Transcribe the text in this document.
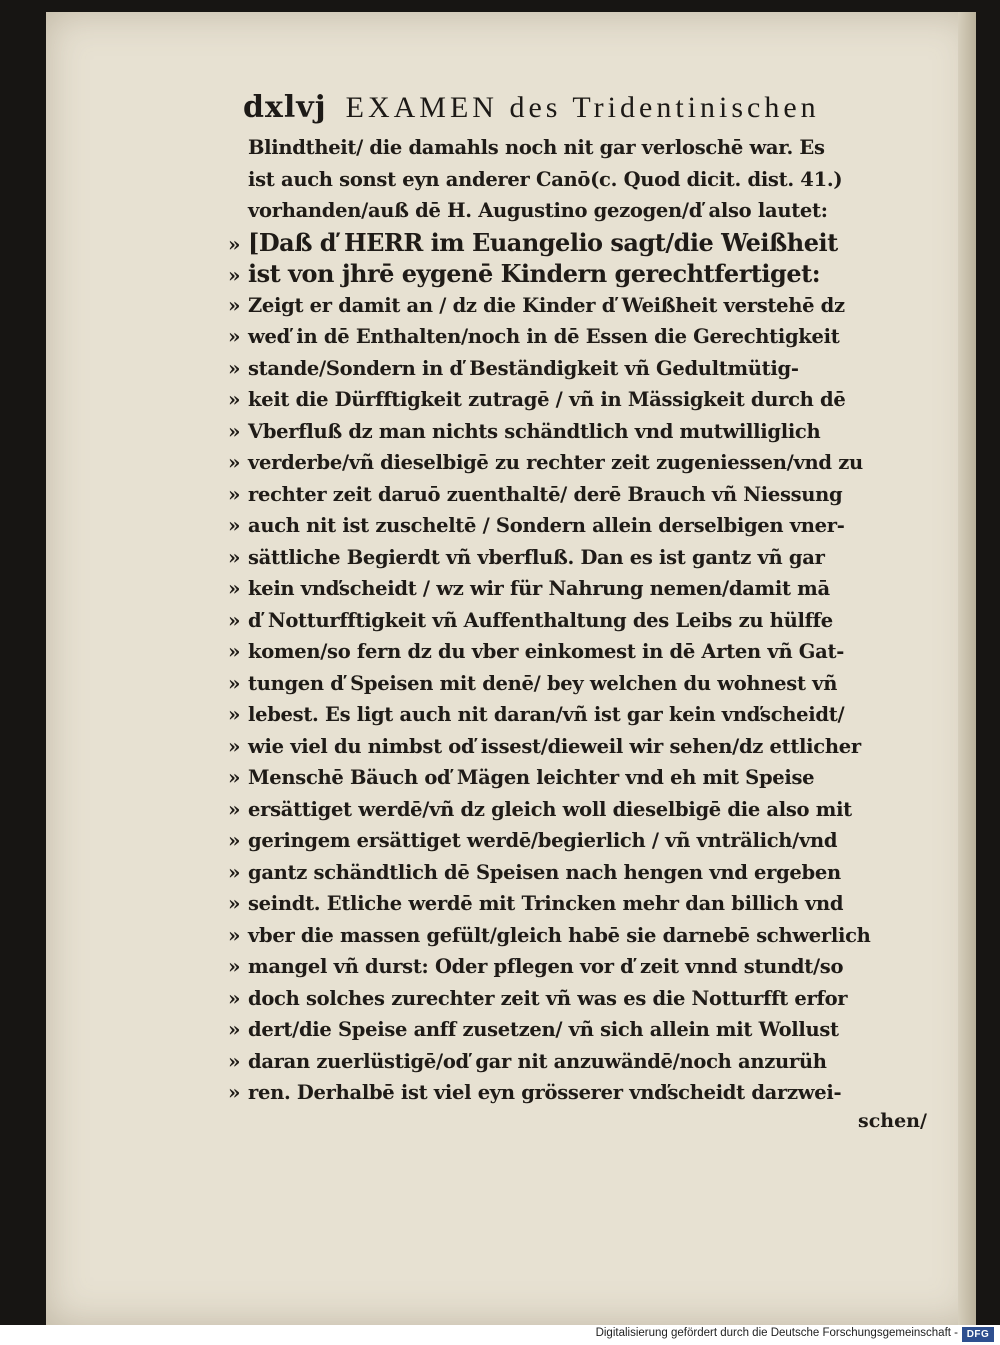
dxlvj EXAMEN des Tridentinischen
Blindtheit/ die damahls noch nit gar verloschē war. Es
ist auch sonst eyn anderer Canō(c. Quod dicit. dist. 41.)
vorhanden/auß dē H. Augustino gezogen/ď also lautet:
» [Daß ď HERR im Euangelio sagt/die Weißheit
» ist von jhrē eygenē Kindern gerechtfertiget:
» Zeigt er damit an / dz die Kinder ď Weißheit verstehē dz
» weď in dē Enthalten/noch in dē Essen die Gerechtigkeit
» stande/Sondern in ď Beständigkeit vñ Gedultmütig-
» keit die Dürfftigkeit zutragē / vñ in Mässigkeit durch dē
» Vberfluß dz man nichts schändtlich vnd mutwilliglich
» verderbe/vñ dieselbigē zu rechter zeit zugeniessen/vnd zu
» rechter zeit daruō zuenthaltē/ derē Brauch vñ Niessung
» auch nit ist zuscheltē / Sondern allein derselbigen vner-
» sättliche Begierdt vñ vberfluß. Dan es ist gantz vñ gar
» kein vnďscheidt / wz wir für Nahrung nemen/damit mā
» ď Notturfftigkeit vñ Auffenthaltung des Leibs zu hülffe
» komen/so fern dz du vber einkomest in dē Arten vñ Gat-
» tungen ď Speisen mit denē/ bey welchen du wohnest vñ
» lebest. Es ligt auch nit daran/vñ ist gar kein vnďscheidt/
» wie viel du nimbst oď issest/dieweil wir sehen/dz ettlicher
» Menschē Bäuch oď Mägen leichter vnd eh mit Speise
» ersättiget werdē/vñ dz gleich woll dieselbigē die also mit
» geringem ersättiget werdē/begierlich / vñ vnträlich/vnd
» gantz schändtlich dē Speisen nach hengen vnd ergeben
» seindt. Etliche werdē mit Trincken mehr dan billich vnd
» vber die massen gefült/gleich habē sie darnebē schwerlich
» mangel vñ durst: Oder pflegen vor ď zeit vnnd stundt/so
» doch solches zurechter zeit vñ was es die Notturfft erfor
» dert/die Speise anff zusetzen/ vñ sich allein mit Wollust
» daran zuerlüstigē/oď gar nit anzuwändē/noch anzurüh
» ren. Derhalbē ist viel eyn grösserer vnďscheidt darzwei-
schen/
Digitalisierung gefördert durch die Deutsche Forschungsgemeinschaft - DFG
